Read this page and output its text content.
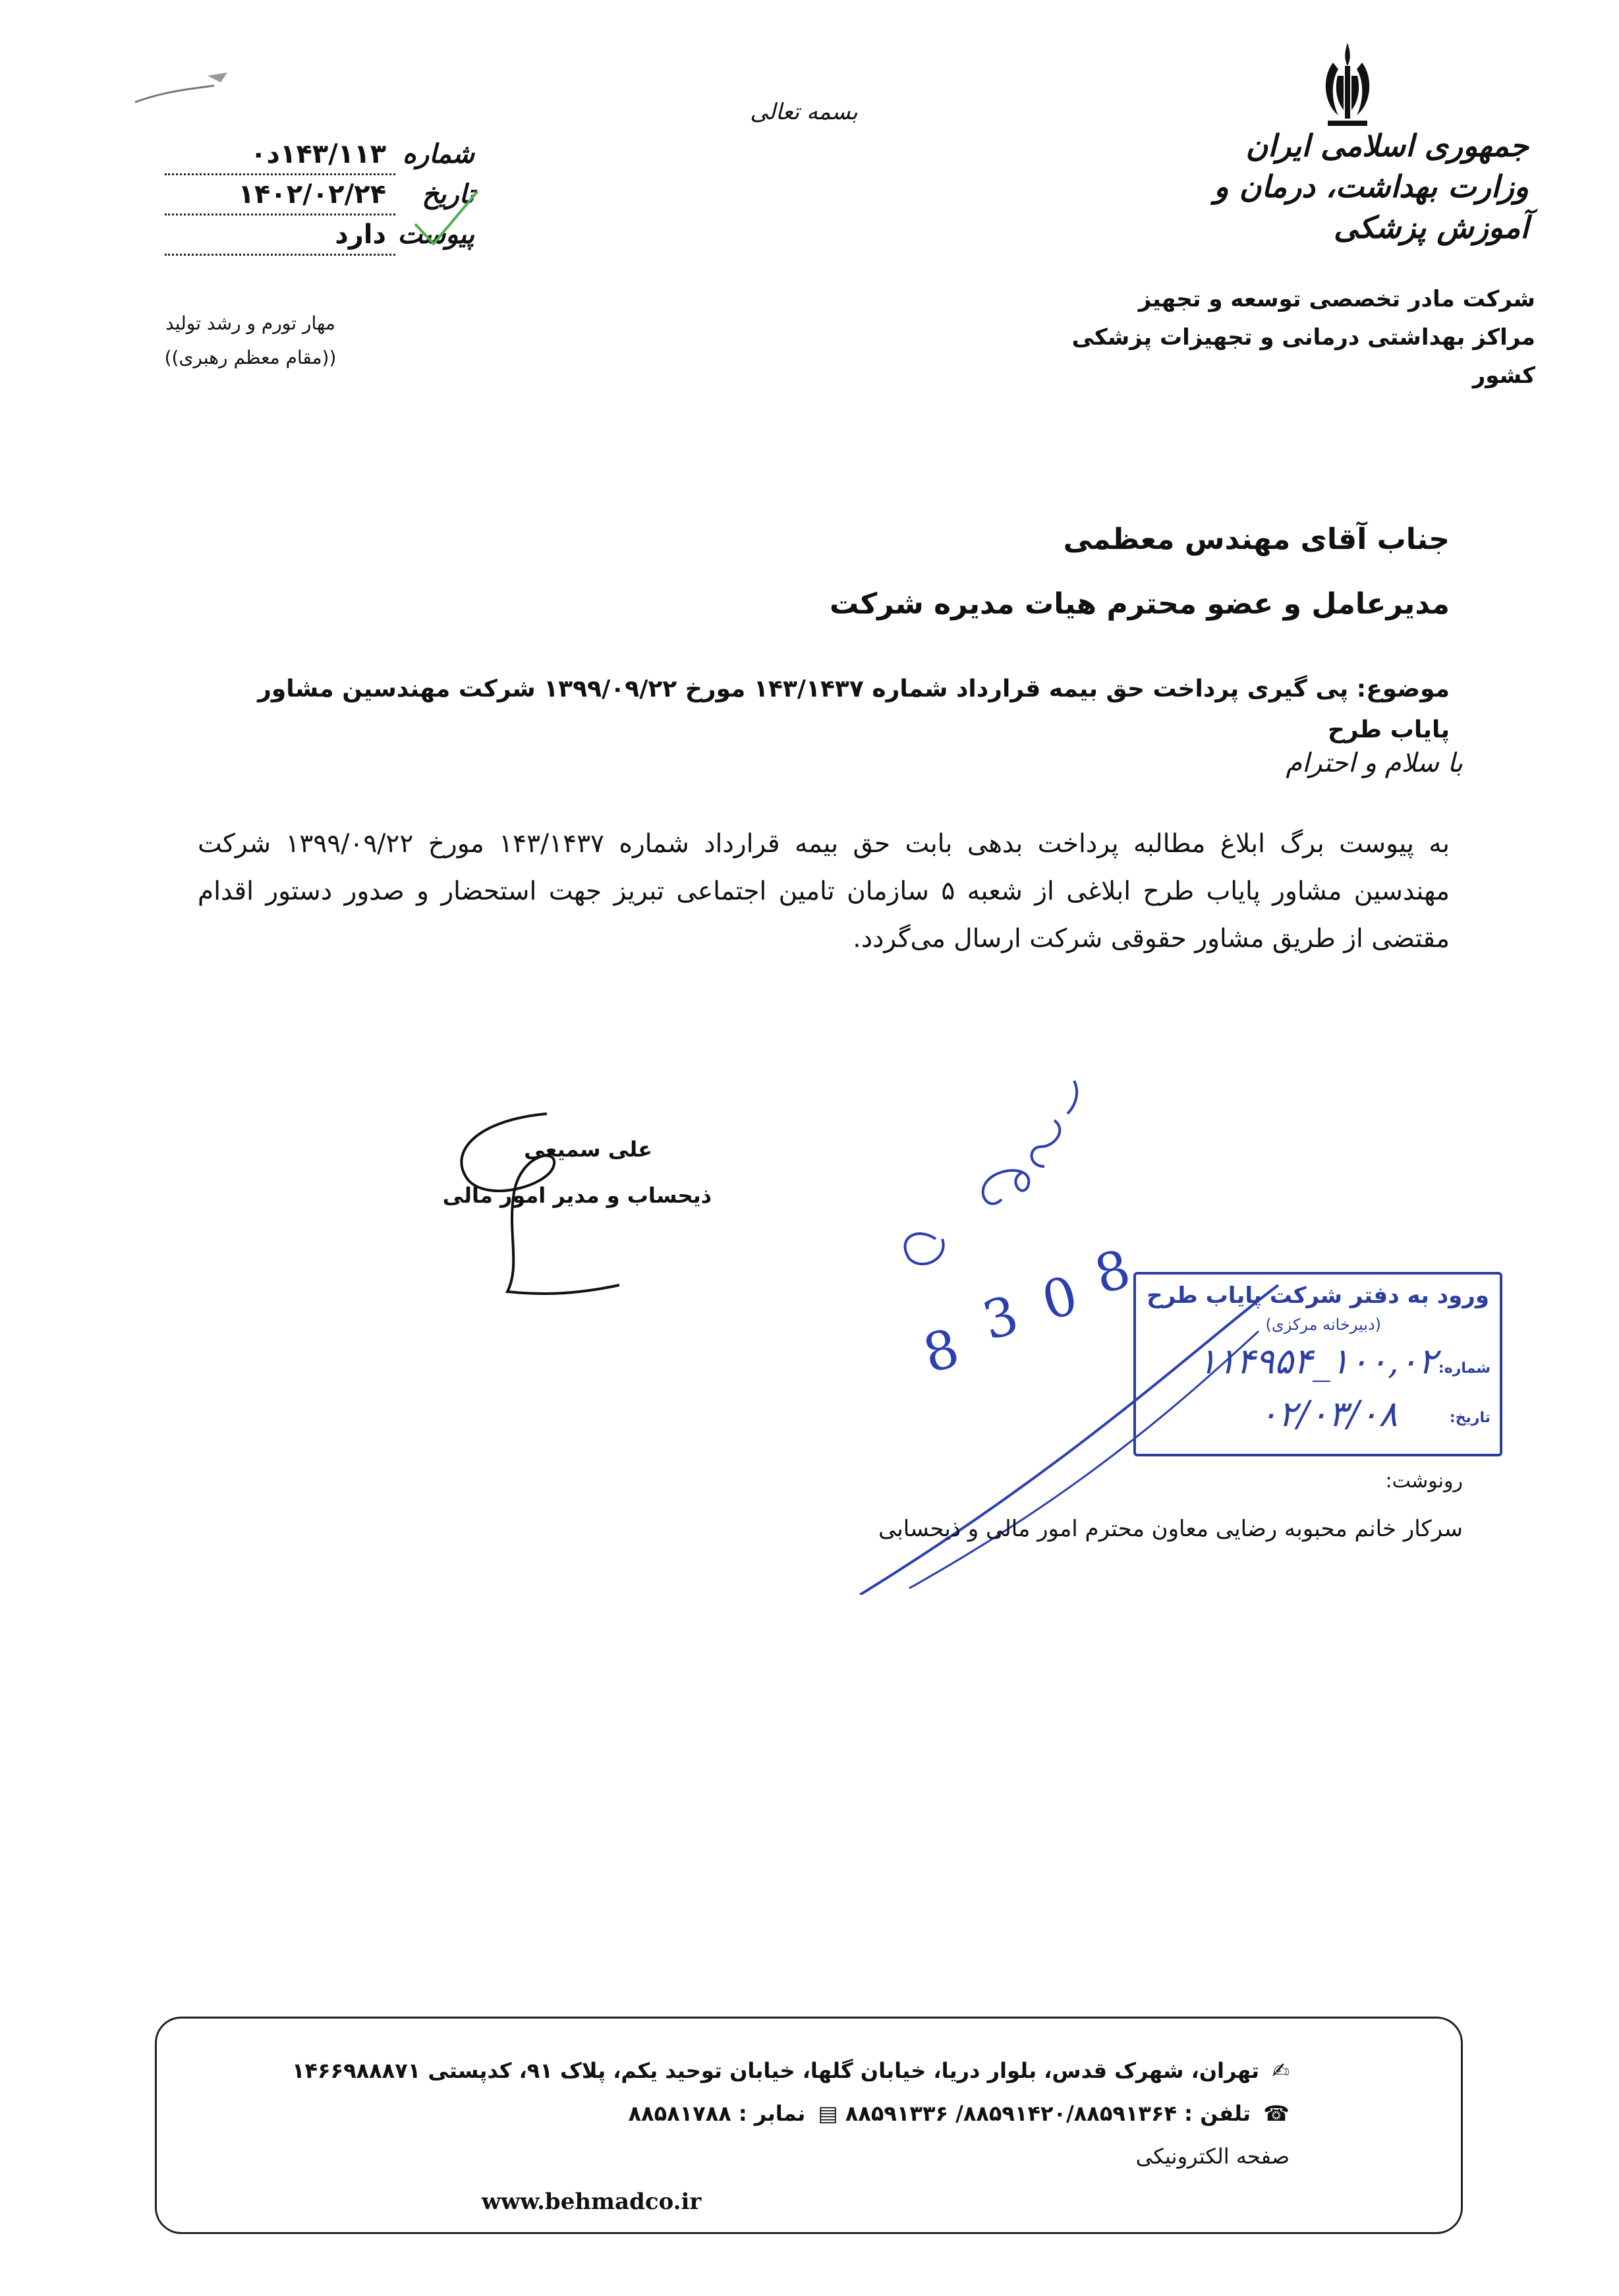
بسمه تعالی
جمهوری اسلامی ایران
وزارت بهداشت، درمان و آموزش پزشکی
شرکت مادر تخصصی توسعه و تجهیز
مراکز بهداشتی درمانی و تجهیزات پزشکی کشور
شماره
۱۴۳/۱۱۳د۰
تاریخ
۱۴۰۲/۰۲/۲۴
پیوست
دارد
مهار تورم و رشد تولید
((مقام معظم رهبری))
جناب آقای مهندس معظمی
مدیرعامل و عضو محترم هیات مدیره شرکت
موضوع: پی گیری پرداخت حق بیمه قرارداد شماره ۱۴۳/۱۴۳۷ مورخ ۱۳۹۹/۰۹/۲۲ شرکت مهندسین مشاور پایاب طرح
با سلام و احترام
به پیوست برگ ابلاغ مطالبه پرداخت بدهی بابت حق بیمه قرارداد شماره ۱۴۳/۱۴۳۷ مورخ ۱۳۹۹/۰۹/۲۲ شرکت مهندسین مشاور پایاب طرح ابلاغی از شعبه ۵ سازمان تامین اجتماعی تبریز جهت استحضار و صدور دستور اقدام مقتضی از طریق مشاور حقوقی شرکت ارسال می‌گردد.
علی سمیعی
ذیحساب و مدیر امور مالی
8 3 0 8 ورود به دفتر شرکت پایاب طرح
(دبیرخانه مرکزی)
شماره:
۱۰۰,۰۲_۱۱۴۹۵۴
تاریخ:
۰۲/۰۳/۰۸
رونوشت:
سرکار خانم محبوبه رضایی معاون محترم امور مالی و ذیحسابی
✍ تهران، شهرک قدس، بلوار دریا، خیابان گلها، خیابان توحید یکم، پلاک ۹۱، کدپستی ۱۴۶۶۹۸۸۸۷۱
☎ تلفن : ۸۸۵۹۱۴۲۰/۸۸۵۹۱۳۶۴/ ۸۸۵۹۱۳۳۶ ▤ نمابر : ۸۸۵۸۱۷۸۸
صفحه الکترونیکی
www.behmadco.ir
